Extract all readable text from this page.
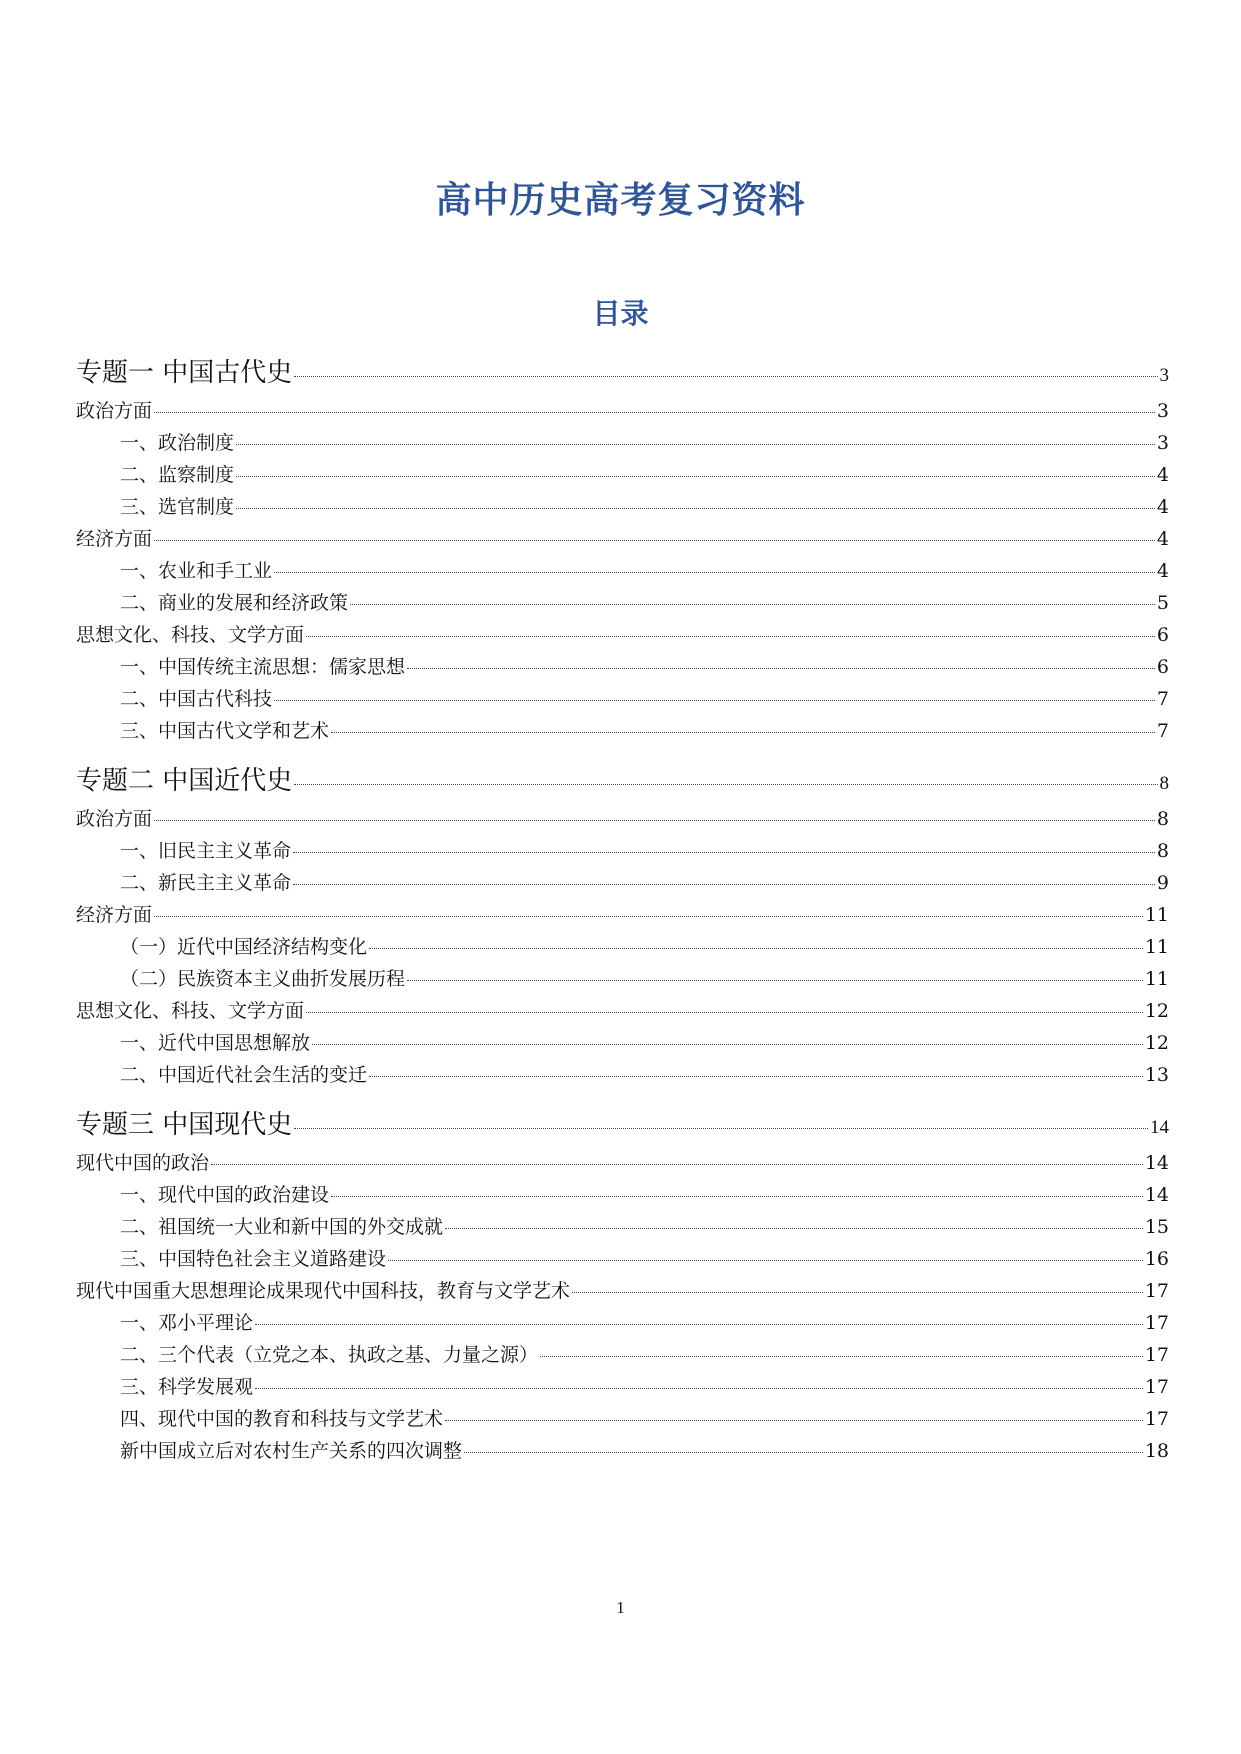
高中历史高考复习资料
目录
专题一 中国古代史	3
政治方面	3
一、政治制度	3
二、监察制度	4
三、选官制度	4
经济方面	4
一、农业和手工业	4
二、商业的发展和经济政策	5
思想文化、科技、文学方面	6
一、中国传统主流思想：儒家思想	6
二、中国古代科技	7
三、中国古代文学和艺术	7
专题二 中国近代史	8
政治方面	8
一、旧民主主义革命	8
二、新民主主义革命	9
经济方面	11
（一）近代中国经济结构变化	11
（二）民族资本主义曲折发展历程	11
思想文化、科技、文学方面	12
一、近代中国思想解放	12
二、中国近代社会生活的变迁	13
专题三 中国现代史	14
现代中国的政治	14
一、现代中国的政治建设	14
二、祖国统一大业和新中国的外交成就	15
三、中国特色社会主义道路建设	16
现代中国重大思想理论成果现代中国科技，教育与文学艺术	17
一、邓小平理论	17
二、三个代表（立党之本、执政之基、力量之源）	17
三、科学发展观	17
四、现代中国的教育和科技与文学艺术	17
新中国成立后对农村生产关系的四次调整	18
1
